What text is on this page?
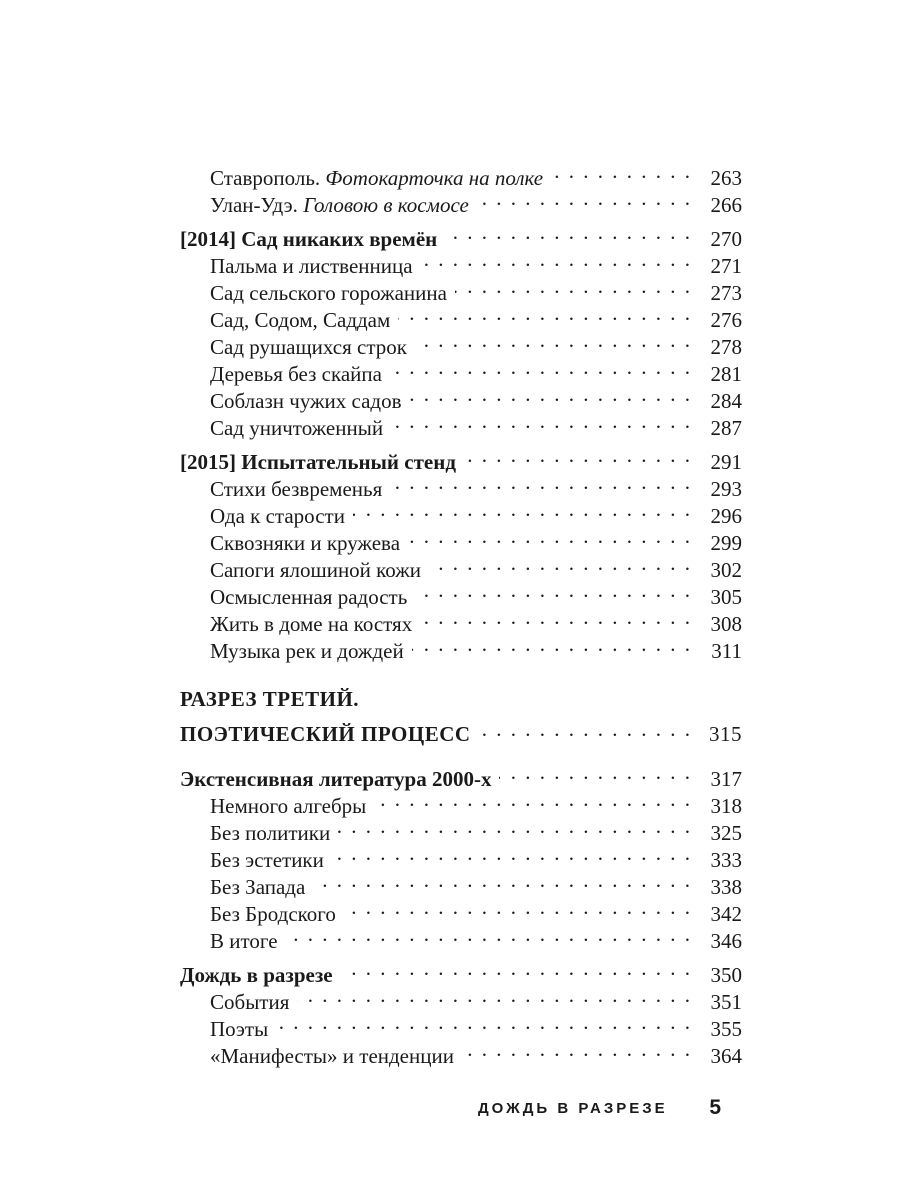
Ставрополь. Фотокарточка на полке . . .	263
Улан-Удэ. Головою в космосе . . .	266
[2014] Сад никаких времён . . .	270
Пальма и лиственница . . .	271
Сад сельского горожанина . . .	273
Сад, Содом, Саддам . . .	276
Сад рушащихся строк . . .	278
Деревья без скайпа . . .	281
Соблазн чужих садов . . .	284
Сад уничтоженный . . .	287
[2015] Испытательный стенд . . .	291
Стихи безвременья . . .	293
Ода к старости . . .	296
Сквозняки и кружева . . .	299
Сапоги ялошиной кожи . . .	302
Осмысленная радость . . .	305
Жить в доме на костях . . .	308
Музыка рек и дождей . . .	311
РАЗРЕЗ ТРЕТИЙ.
ПОЭТИЧЕСКИЙ ПРОЦЕСС . . .	315
Экстенсивная литература 2000-х . . .	317
Немного алгебры . . .	318
Без политики . . .	325
Без эстетики . . .	333
Без Запада . . .	338
Без Бродского . . .	342
В итоге . . .	346
Дождь в разрезе . . .	350
События . . .	351
Поэты . . .	355
«Манифесты» и тенденции . . .	364
ДОЖДЬ В РАЗРЕЗЕ 5
